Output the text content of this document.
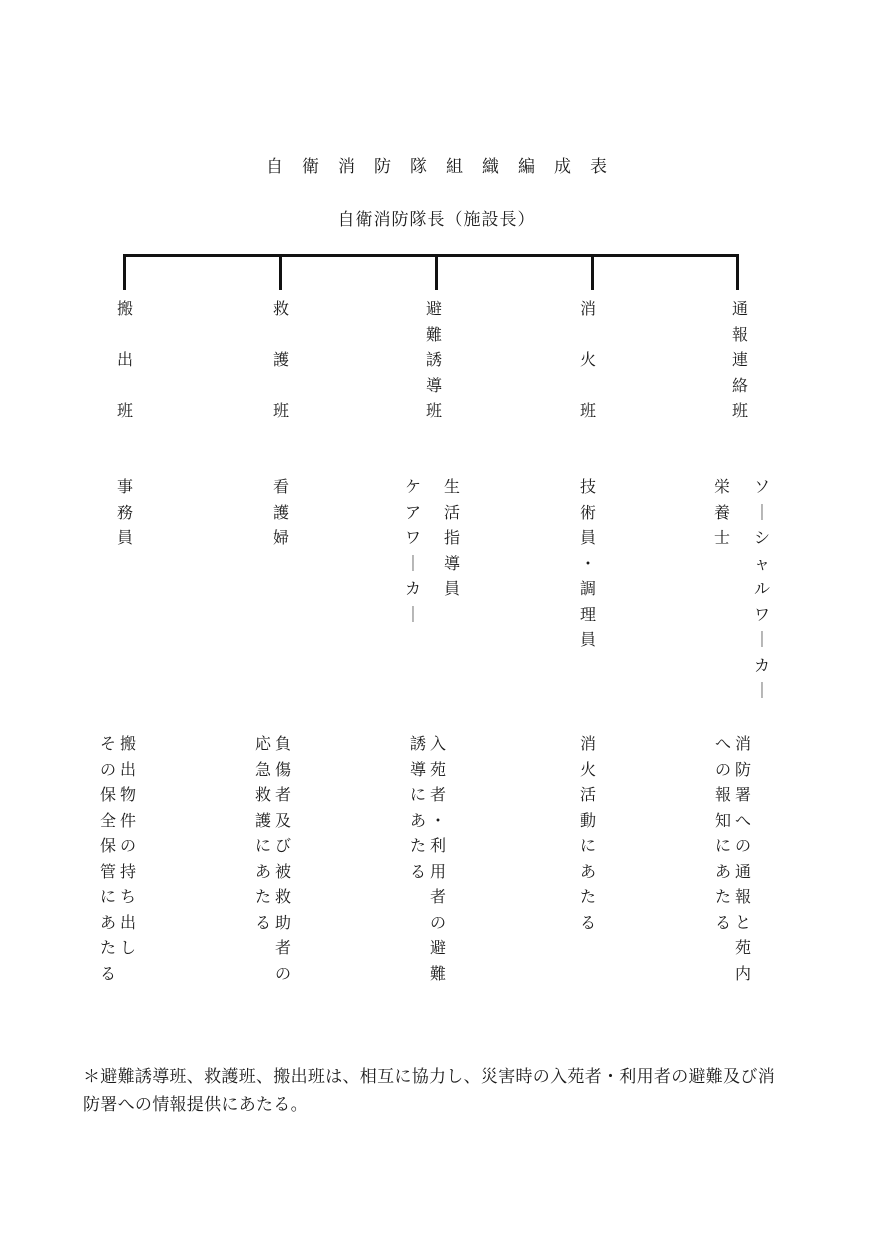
自衛消防隊組織編成表
自衛消防隊長（施設長）
搬
出
班
救
護
班
避
難
誘
導
班
消
火
班
通
報
連
絡
班
事
務
員
看
護
婦
生
活
指
導
員
ケ
ア
ワ
｜
カ
｜
技
術
員
・
調
理
員
ソ
｜
シ
ャ
ル
ワ
｜
カ
｜
栄
養
士
搬
出
物
件
の
持
ち
出
し
そ
の
保
全
保
管
に
あ
た
る
負
傷
者
及
び
被
救
助
者
の
応
急
救
護
に
あ
た
る
入
苑
者
・
利
用
者
の
避
難
誘
導
に
あ
た
る
消
火
活
動
に
あ
た
る
消
防
署
へ
の
通
報
と
苑
内
へ
の
報
知
に
あ
た
る
＊避難誘導班、救護班、搬出班は、相互に協力し、災害時の入苑者・利用者の避難及び消防署への情報提供にあたる。
